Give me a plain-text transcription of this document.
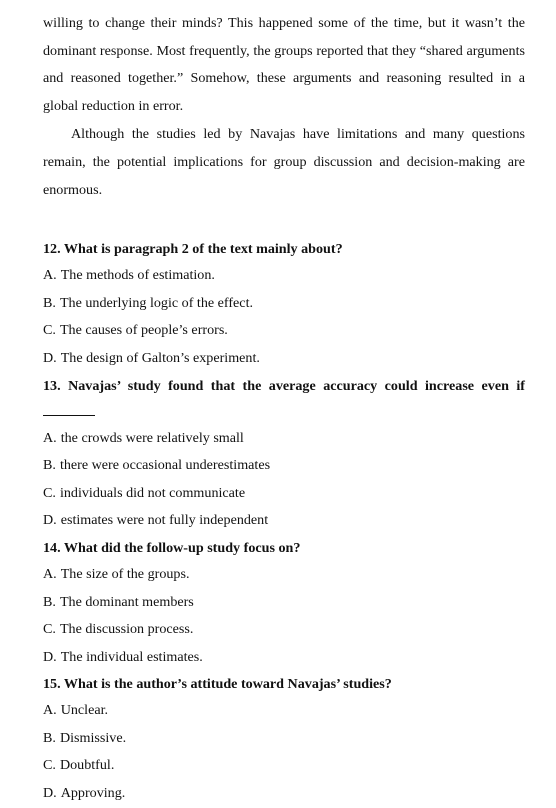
willing to change their minds? This happened some of the time, but it wasn’t the dominant response. Most frequently, the groups reported that they “shared arguments and reasoned together.” Somehow, these arguments and reasoning resulted in a global reduction in error.

Although the studies led by Navajas have limitations and many questions remain, the potential implications for group discussion and decision-making are enormous.

12. What is paragraph 2 of the text mainly about?

A. The methods of estimation.

B. The underlying logic of the effect.

C. The causes of people’s errors.

D. The design of Galton’s experiment.

13. Navajas’ study found that the average accuracy could increase even if

A. the crowds were relatively small

B. there were occasional underestimates

C. individuals did not communicate

D. estimates were not fully independent

14. What did the follow-up study focus on?

A. The size of the groups.

B. The dominant members

C. The discussion process.

D. The individual estimates.

15. What is the author’s attitude toward Navajas’ studies?

A. Unclear.

B. Dismissive.

C. Doubtful.

D. Approving.
